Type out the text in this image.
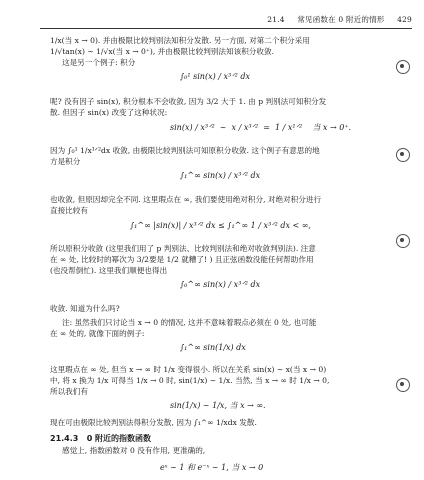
21.4 常见函数在 0 附近的情形 429
1/x(当 x → 0). 并由极限比较判别法知积分发散. 另一方面, 对第二个积分采用
1/√tan(x) ∼ 1/√x(当 x → 0⁺), 并由极限比较判别法知该积分收敛.
这是另一个例子: 积分
∫₀¹ sin(x) / x³ᐟ² dx
呢? 没有因子 sin(x), 积分根本不会收敛, 因为 3/2 大于 1. 由 p 判别法可知积分发
散. 但因子 sin(x) 改变了这种状况:
sin(x) / x³ᐟ²  ∼  x / x³ᐟ²  =  1 / x¹ᐟ² 当 x → 0⁺.
因为 ∫₀¹ 1/x¹ᐟ²dx 收敛, 由极限比较判别法可知原积分收敛. 这个例子有意思的地
方是积分
∫₁^∞ sin(x) / x³ᐟ² dx
也收敛, 但原因却完全不同. 这里瑕点在 ∞, 我们要使用绝对积分, 对绝对积分进行
直接比较有
∫₁^∞ |sin(x)| / x³ᐟ² dx ≤ ∫₁^∞ 1 / x³ᐟ² dx < ∞,
所以原积分收敛 (这里我们用了 p 判别法、比较判别法和绝对收敛判别法). 注意
在 ∞ 处, 比较时的幂次为 3/2要是 1/2 就糟了! ) 且正弦函数没能任何帮助作用
(也没帮倒忙). 这里我们顺便也得出
∫₀^∞ sin(x) / x³ᐟ² dx
收敛. 知道为什么吗?
注: 虽然我们只讨论当 x → 0 的情况, 这并不意味着瑕点必须在 0 处, 也可能
在 ∞ 处的, 就像下面的例子:
∫₁^∞ sin(1/x) dx
这里瑕点在 ∞ 处, 但当 x → ∞ 时 1/x 变得很小. 所以在关系 sin(x) ∼ x(当 x → 0)
中, 将 x 换为 1/x 可得当 1/x → 0 时, sin(1/x) ∼ 1/x. 当然, 当 x → ∞ 时 1/x → 0,
所以我们有
sin(1/x) ∼ 1/x, 当 x → ∞.
现在可由极限比较判别法得积分发散, 因为 ∫₁^∞ 1/xdx 发散.
21.4.3 0 附近的指数函数
感觉上, 指数函数对 0 没有作用, 更准确的,
eˣ ∼ 1 和 e⁻ˣ ∼ 1, 当 x → 0
